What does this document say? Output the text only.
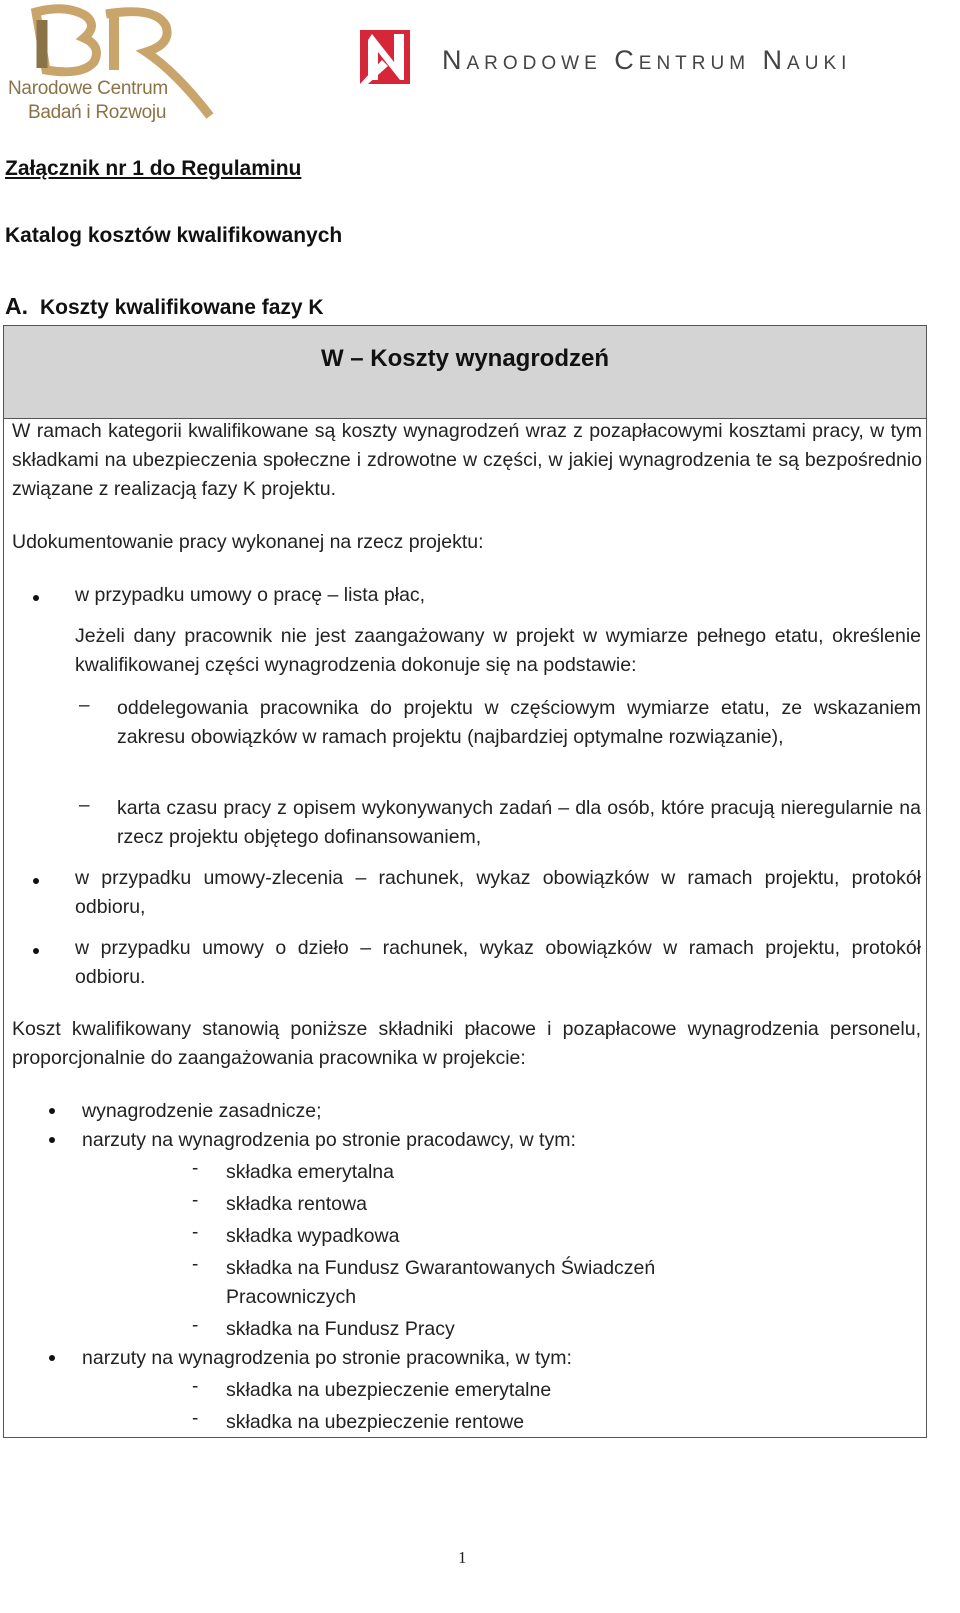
Narodowe Centrum
Badań i Rozwoju
Narodowe Centrum Nauki
Załącznik nr 1 do Regulaminu
Katalog kosztów kwalifikowanych
A. Koszty kwalifikowane fazy K
W – Koszty wynagrodzeń
W ramach kategorii kwalifikowane są koszty wynagrodzeń wraz z pozapłacowymi kosztami pracy, w tym składkami na ubezpieczenia społeczne i zdrowotne w części, w jakiej wynagrodzenia te są bezpośrednio związane z realizacją fazy K projektu.
Udokumentowanie pracy wykonanej na rzecz projektu:
w przypadku umowy o pracę – lista płac,
Jeżeli dany pracownik nie jest zaangażowany w projekt w wymiarze pełnego etatu, określenie kwalifikowanej części wynagrodzenia dokonuje się na podstawie:
– oddelegowania pracownika do projektu w częściowym wymiarze etatu, ze wskazaniem zakresu obowiązków w ramach projektu (najbardziej optymalne rozwiązanie),
– karta czasu pracy z opisem wykonywanych zadań – dla osób, które pracują nieregularnie na rzecz projektu objętego dofinansowaniem,
w przypadku umowy-zlecenia – rachunek, wykaz obowiązków w ramach projektu, protokół odbioru,
w przypadku umowy o dzieło – rachunek, wykaz obowiązków w ramach projektu, protokół odbioru.
Koszt kwalifikowany stanowią poniższe składniki płacowe i pozapłacowe wynagrodzenia personelu, proporcjonalnie do zaangażowania pracownika w projekcie:
wynagrodzenie zasadnicze;
narzuty na wynagrodzenia po stronie pracodawcy, w tym:
- składka emerytalna
- składka rentowa
- składka wypadkowa
- składka na Fundusz Gwarantowanych Świadczeń Pracowniczych
- składka na Fundusz Pracy
narzuty na wynagrodzenia po stronie pracownika, w tym:
- składka na ubezpieczenie emerytalne
- składka na ubezpieczenie rentowe
1
